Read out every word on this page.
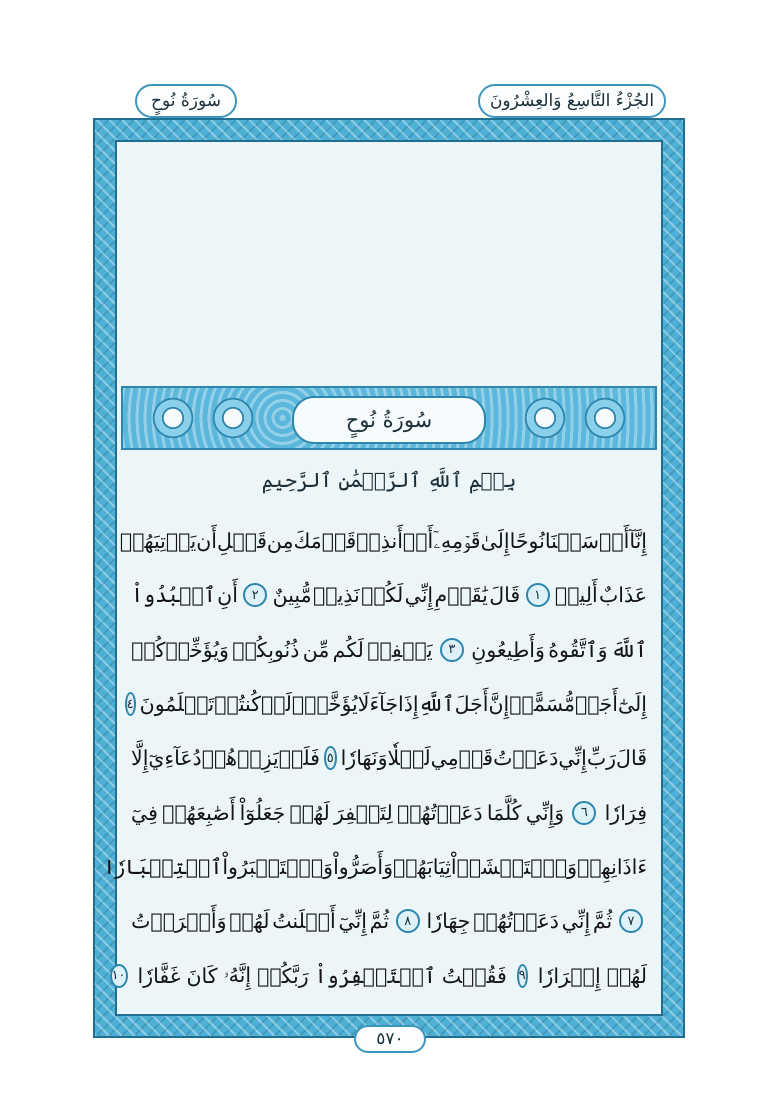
الجُزْءُ التَّاسِعُ وَالعِشْرُونَ
سُورَةُ نُوحٍ
سُورَةُ نُوحٍ
بِسۡمِ ٱللَّهِ ٱلرَّحۡمَٰنِ ٱلرَّحِيمِ
إِنَّآ
أَرۡسَلۡنَا
نُوحًا
إِلَىٰ
قَوۡمِهِۦٓ
أَنۡ
أَنذِرۡ
قَوۡمَكَ
مِن
قَبۡلِ
أَن
يَأۡتِيَهُمۡ
عَذَابٌ
أَلِيمٞ
١
قَالَ
يَٰقَوۡمِ
إِنِّي
لَكُمۡ
نَذِيرٞ
مُّبِينٌ
٢
أَنِ
ٱعۡبُدُواْ
ٱللَّهَ
وَٱتَّقُوهُ
وَأَطِيعُونِ
٣
يَغۡفِرۡ
لَكُم
مِّن
ذُنُوبِكُمۡ
وَيُؤَخِّرۡكُمۡ
إِلَىٰٓ
أَجَلٖ
مُّسَمًّىۚ
إِنَّ
أَجَلَ
ٱللَّهِ
إِذَا
جَآءَ
لَا
يُؤَخَّرُۚ
لَوۡ
كُنتُمۡ
تَعۡلَمُونَ
٤
قَالَ
رَبِّ
إِنِّي
دَعَوۡتُ
قَوۡمِي
لَيۡلٗا
وَنَهَارٗا
٥
فَلَمۡ
يَزِدۡهُمۡ
دُعَآءِيٓ
إِلَّا
فِرَارٗا
٦
وَإِنِّي
كُلَّمَا
دَعَوۡتُهُمۡ
لِتَغۡفِرَ
لَهُمۡ
جَعَلُوٓاْ
أَصَٰبِعَهُمۡ
فِيٓ
ءَاذَانِهِمۡ
وَٱسۡتَغۡشَوۡاْ
ثِيَابَهُمۡ
وَأَصَرُّواْ
وَٱسۡتَكۡبَرُواْ
ٱسۡتِكۡبَارٗا
٧
ثُمَّ
إِنِّي
دَعَوۡتُهُمۡ
جِهَارٗا
٨
ثُمَّ
إِنِّيٓ
أَعۡلَنتُ
لَهُمۡ
وَأَسۡرَرۡتُ
لَهُمۡ
إِسۡرَارٗا
٩
فَقُلۡتُ
ٱسۡتَغۡفِرُواْ
رَبَّكُمۡ
إِنَّهُۥ
كَانَ
غَفَّارٗا
١٠
٥٧٠
